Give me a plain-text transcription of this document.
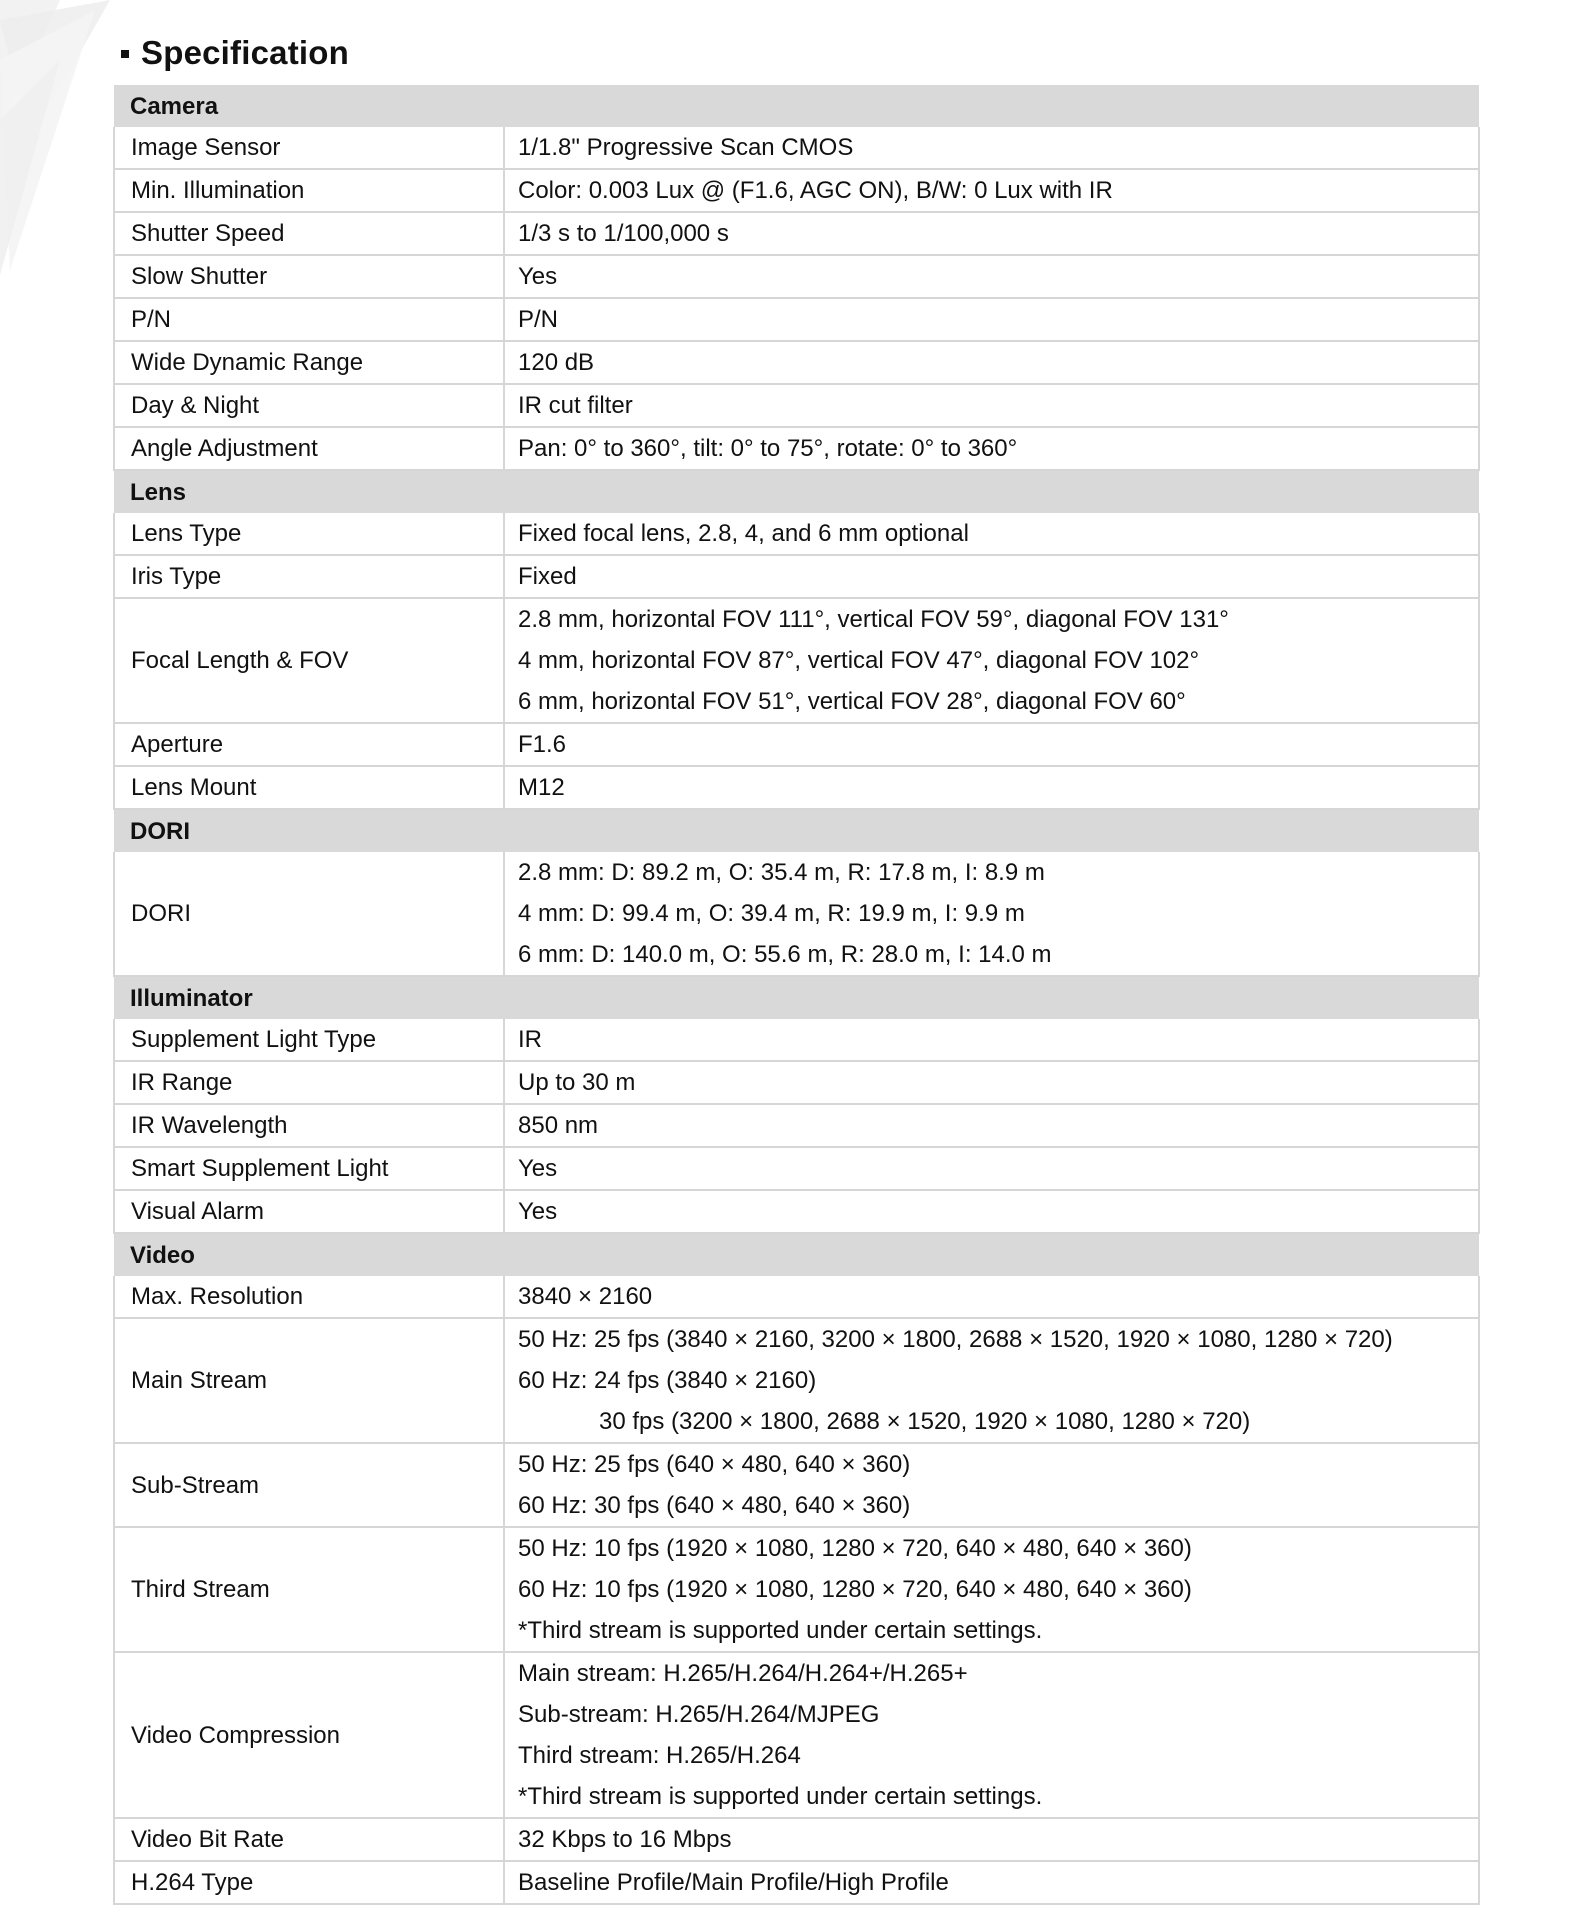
Specification
Camera	
Image Sensor	1/1.8" Progressive Scan CMOS
Min. Illumination	Color: 0.003 Lux @ (F1.6, AGC ON), B/W: 0 Lux with IR
Shutter Speed	1/3 s to 1/100,000 s
Slow Shutter	Yes
P/N	P/N
Wide Dynamic Range	120 dB
Day & Night	IR cut filter
Angle Adjustment	Pan: 0° to 360°, tilt: 0° to 75°, rotate: 0° to 360°
Lens	
Lens Type	Fixed focal lens, 2.8, 4, and 6 mm optional
Iris Type	Fixed
Focal Length & FOV	2.8 mm, horizontal FOV 111°, vertical FOV 59°, diagonal FOV 131°
4 mm, horizontal FOV 87°, vertical FOV 47°, diagonal FOV 102°
6 mm, horizontal FOV 51°, vertical FOV 28°, diagonal FOV 60°

Aperture	F1.6
Lens Mount	M12
DORI	
DORI	2.8 mm: D: 89.2 m, O: 35.4 m, R: 17.8 m, I: 8.9 m
4 mm: D: 99.4 m, O: 39.4 m, R: 19.9 m, I: 9.9 m
6 mm: D: 140.0 m, O: 55.6 m, R: 28.0 m, I: 14.0 m

Illuminator	
Supplement Light Type	IR
IR Range	Up to 30 m
IR Wavelength	850 nm
Smart Supplement Light	Yes
Visual Alarm	Yes
Video	
Max. Resolution	3840 × 2160
Main Stream	50 Hz: 25 fps (3840 × 2160, 3200 × 1800, 2688 × 1520, 1920 × 1080, 1280 × 720)
60 Hz: 24 fps (3840 × 2160)
30 fps (3200 × 1800, 2688 × 1520, 1920 × 1080, 1280 × 720)

Sub-Stream	50 Hz: 25 fps (640 × 480, 640 × 360)
60 Hz: 30 fps (640 × 480, 640 × 360)

Third Stream	50 Hz: 10 fps (1920 × 1080, 1280 × 720, 640 × 480, 640 × 360)
60 Hz: 10 fps (1920 × 1080, 1280 × 720, 640 × 480, 640 × 360)
*Third stream is supported under certain settings.

Video Compression	Main stream: H.265/H.264/H.264+/H.265+
Sub-stream: H.265/H.264/MJPEG
Third stream: H.265/H.264
*Third stream is supported under certain settings.

Video Bit Rate	32 Kbps to 16 Mbps
H.264 Type	Baseline Profile/Main Profile/High Profile
